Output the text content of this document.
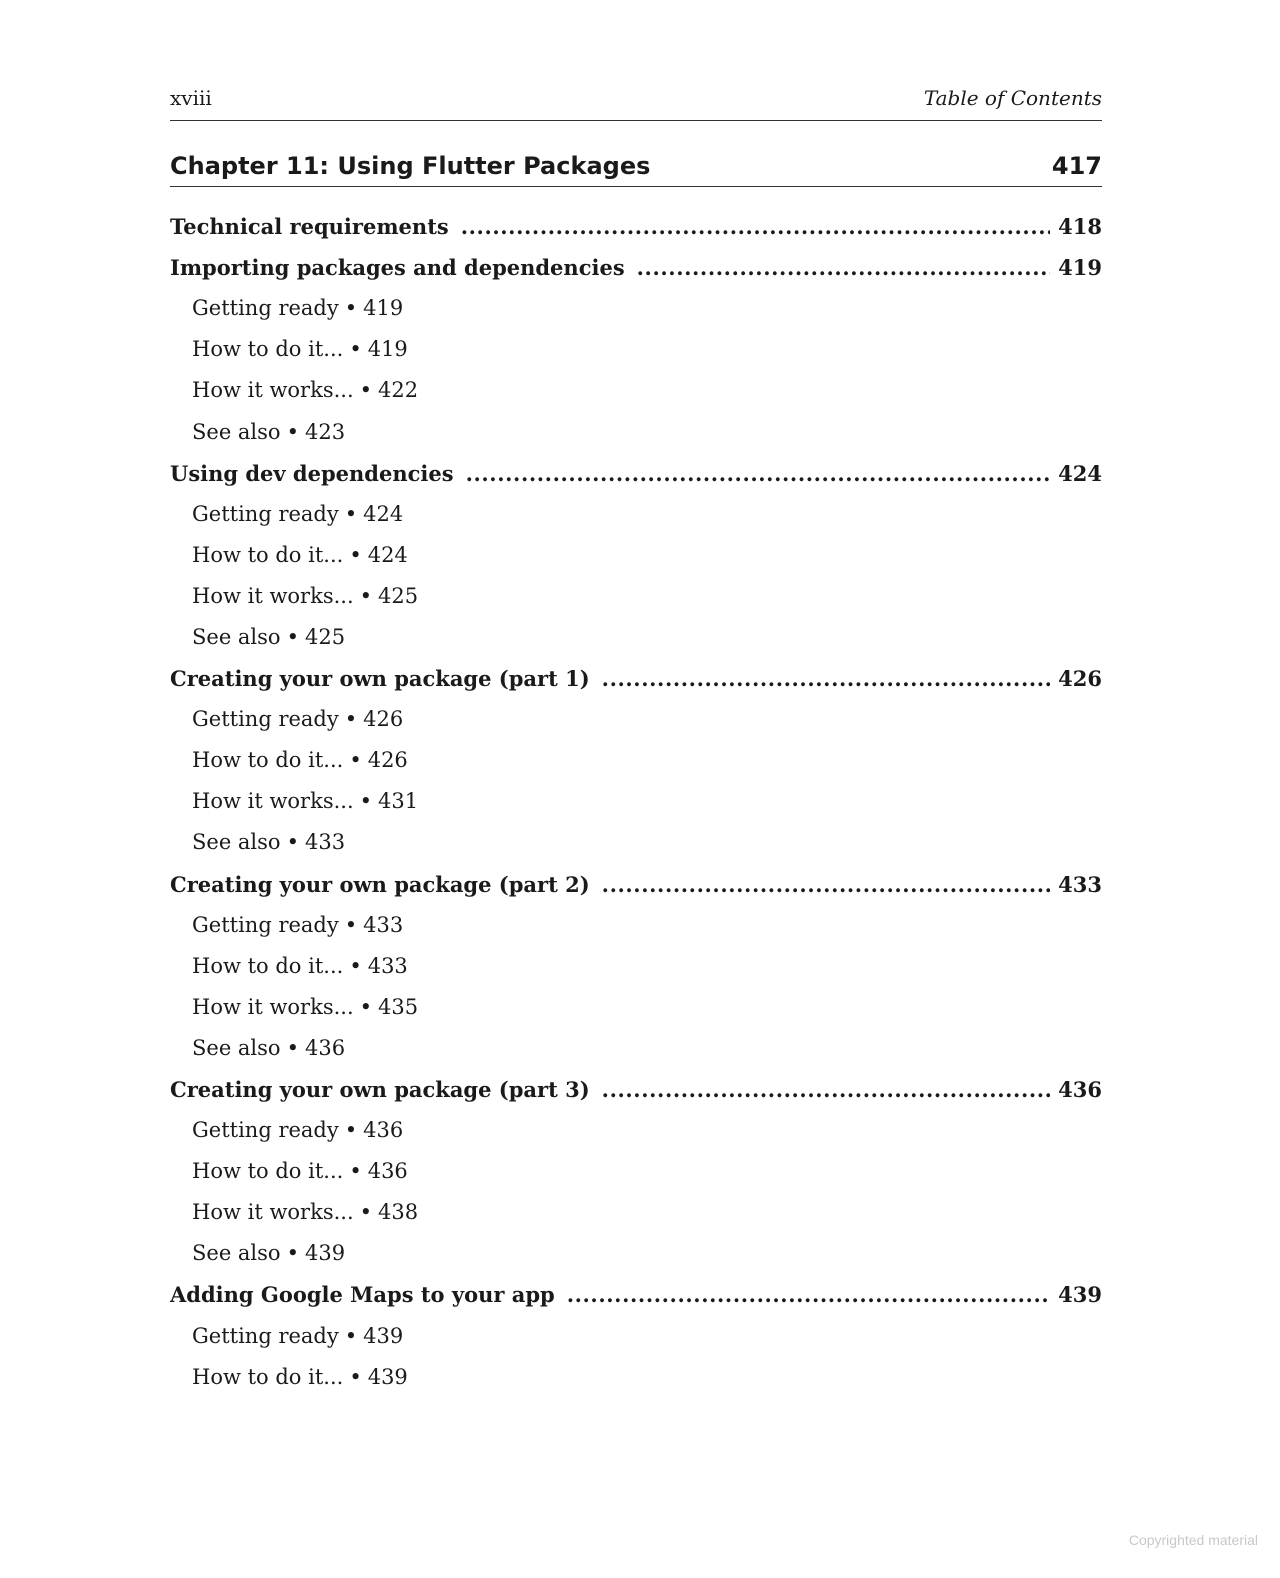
xviii	Table of Contents
Chapter 11: Using Flutter Packages	417
Technical requirements .....	418
Importing packages and dependencies .....	419
Getting ready • 419
How to do it... • 419
How it works... • 422
See also • 423
Using dev dependencies .....	424
Getting ready • 424
How to do it... • 424
How it works... • 425
See also • 425
Creating your own package (part 1) .....	426
Getting ready • 426
How to do it... • 426
How it works... • 431
See also • 433
Creating your own package (part 2) .....	433
Getting ready • 433
How to do it... • 433
How it works... • 435
See also • 436
Creating your own package (part 3) .....	436
Getting ready • 436
How to do it... • 436
How it works... • 438
See also • 439
Adding Google Maps to your app .....	439
Getting ready • 439
How to do it... • 439
Copyrighted material
